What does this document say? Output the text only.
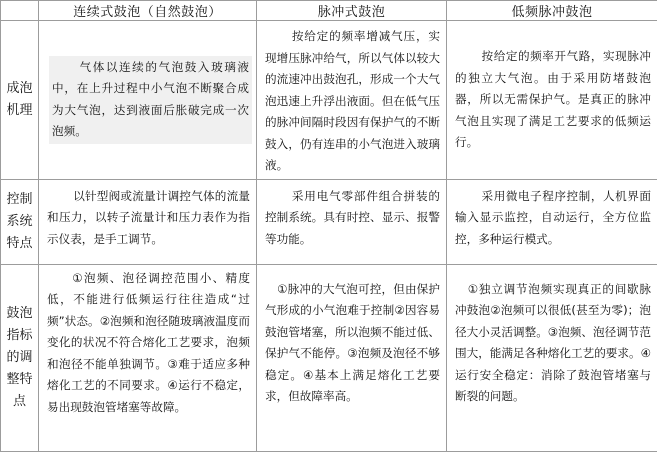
	连续式鼓泡（自然鼓泡）	脉冲式鼓泡	低频脉冲鼓泡
成泡机理	气体以连续的气泡鼓入玻璃液中，在上升过程中小气泡不断聚合成为大气泡，达到液面后胀破完成一次泡频。	按给定的频率增减气压，实现增压脉冲给气，所以气体以较大的流速冲出鼓泡孔，形成一个大气泡迅速上升浮出液面。但在低气压的脉冲间隔时段因有保护气的不断鼓入，仍有连串的小气泡进入玻璃液。	按给定的频率开气路，实现脉冲的独立大气泡。由于采用防堵鼓泡器，所以无需保护气。是真正的脉冲气泡且实现了满足工艺要求的低频运行。

控制系统特点	以针型阀或流量计调控气体的流量和压力，以转子流量计和压力表作为指示仪表，是手工调节。	采用电气零部件组合拼装的控制系统。具有时控、显示、报警等功能。	采用微电子程序控制，人机界面输入显示监控，自动运行，全方位监控，多种运行模式。

鼓泡指标的调整特点	①泡频、泡径调控范围小、精度低，不能进行低频运行往往造成“过频”状态。②泡频和泡径随玻璃液温度而变化的状况不符合熔化工艺要求，泡频和泡径不能单独调节。③难于适应多种熔化工艺的不同要求。④运行不稳定，易出现鼓泡管堵塞等故障。	①脉冲的大气泡可控，但由保护气形成的小气泡难于控制②因容易鼓泡管堵塞，所以泡频不能过低、保护气不能停。③泡频及泡径不够稳定。④基本上满足熔化工艺要求，但故障率高。	①独立调节泡频实现真正的间歇脉冲鼓泡②泡频可以很低(甚至为零)；泡径大小灵活调整。③泡频、泡径调节范围大，能满足各种熔化工艺的要求。④运行安全稳定：消除了鼓泡管堵塞与断裂的问题。
